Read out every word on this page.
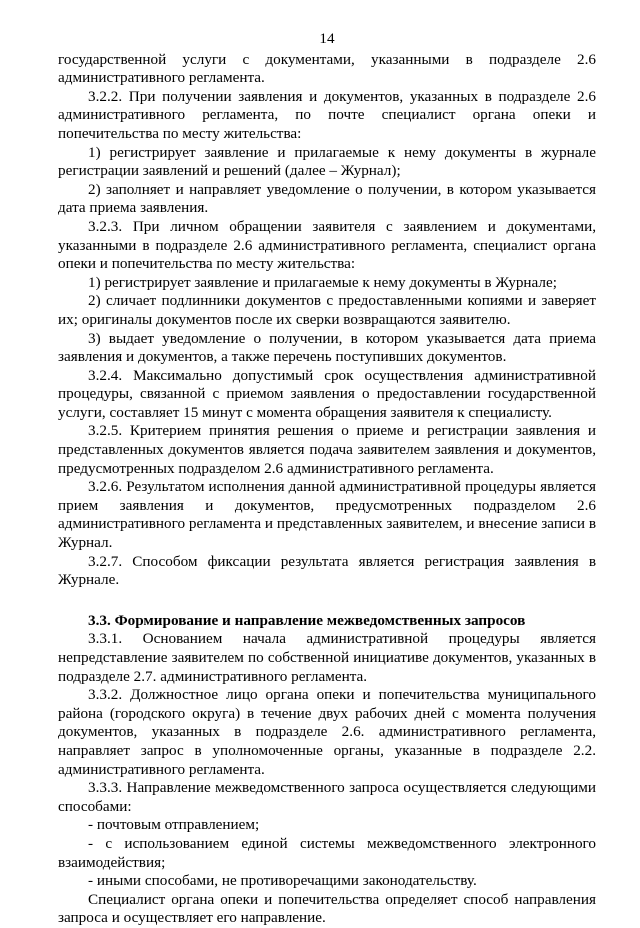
14

государственной услуги с документами, указанными в подразделе 2.6 административного регламента.

3.2.2. При получении заявления и документов, указанных в подразделе 2.6 административного регламента, по почте специалист органа опеки и попечительства по месту жительства:

1) регистрирует заявление и прилагаемые к нему документы в журнале регистрации заявлений и решений (далее – Журнал);

2) заполняет и направляет уведомление о получении, в котором указывается дата приема заявления.

3.2.3. При личном обращении заявителя с заявлением и документами, указанными в подразделе 2.6 административного регламента, специалист органа опеки и попечительства по месту жительства:

1) регистрирует заявление и прилагаемые к нему документы в Журнале;

2) сличает подлинники документов с предоставленными копиями и заверяет их; оригиналы документов после их сверки возвращаются заявителю.

3) выдает уведомление о получении, в котором указывается дата приема заявления и документов, а также перечень поступивших документов.

3.2.4. Максимально допустимый срок осуществления административной процедуры, связанной с приемом заявления о предоставлении государственной услуги, составляет 15 минут с момента обращения заявителя к специалисту.

3.2.5. Критерием принятия решения о приеме и регистрации заявления и представленных документов является подача заявителем заявления и документов, предусмотренных подразделом 2.6 административного регламента.

3.2.6. Результатом исполнения данной административной процедуры является прием заявления и документов, предусмотренных подразделом 2.6 административного регламента и представленных заявителем, и внесение записи в Журнал.

3.2.7. Способом фиксации результата является регистрация заявления в Журнале.

3.3. Формирование и направление межведомственных запросов

3.3.1. Основанием начала административной процедуры является непредставление заявителем по собственной инициативе документов, указанных в подразделе 2.7. административного регламента.

3.3.2. Должностное лицо органа опеки и попечительства муниципального района (городского округа) в течение двух рабочих дней с момента получения документов, указанных в подразделе 2.6. административного регламента, направляет запрос в уполномоченные органы, указанные в подразделе 2.2. административного регламента.

3.3.3. Направление межведомственного запроса осуществляется следующими способами:

- почтовым отправлением;

- с использованием единой системы межведомственного электронного взаимодействия;

- иными способами, не противоречащими законодательству.

Специалист органа опеки и попечительства определяет способ направления запроса и осуществляет его направление.
